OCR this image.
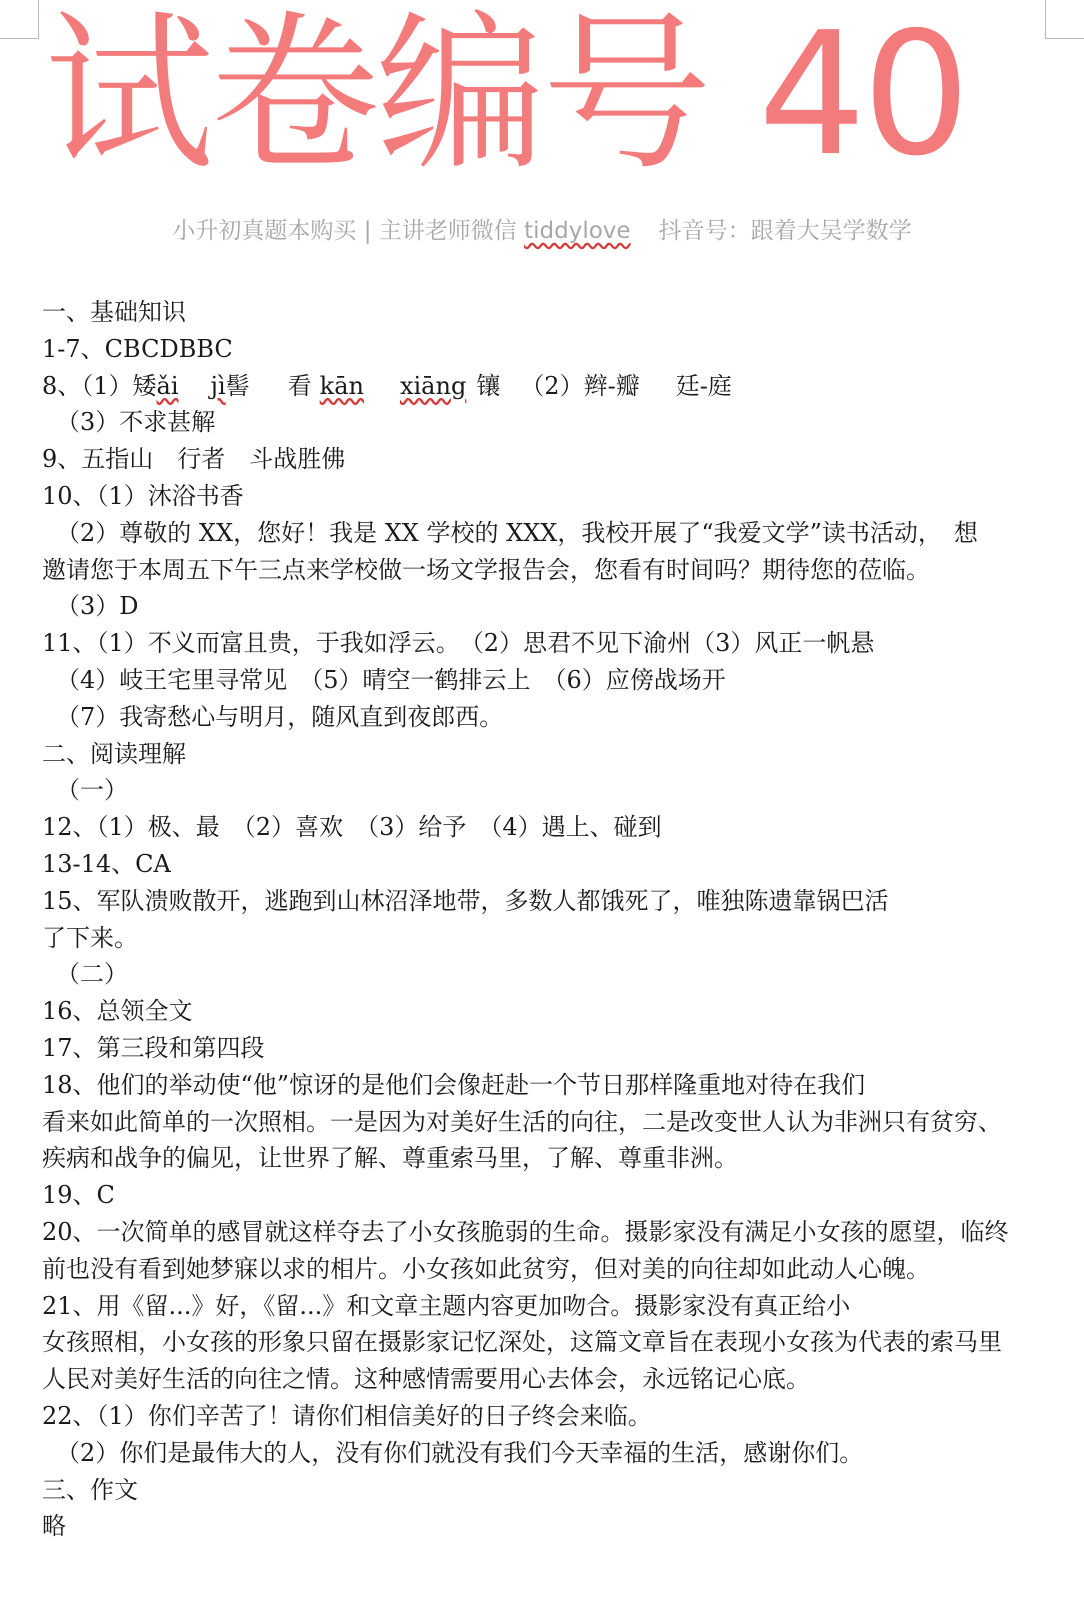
试卷编号 40
小升初真题本购买 | 主讲老师微信 tiddylove 抖音号：跟着大吴学数学
一、基础知识
1-7、CBCDBBC
8、（1）矮ǎi jì髻 看 kān xiāng 镶 （2）辫-瓣 廷-庭
（3）不求甚解
9、五指山　行者　斗战胜佛
10、（1）沐浴书香
（2）尊敬的 XX，您好！我是 XX 学校的 XXX，我校开展了“我爱文学”读书活动，　想
邀请您于本周五下午三点来学校做一场文学报告会，您看有时间吗？期待您的莅临。
（3）D
11、（1）不义而富且贵，于我如浮云。　（2）思君不见下渝州（3）风正一帆悬
（4）岐王宅里寻常见　（5）晴空一鹤排云上　（6）应傍战场开
（7）我寄愁心与明月，随风直到夜郎西。
二、阅读理解
（一）
12、（1）极、最　（2）喜欢　（3）给予　（4）遇上、碰到
13-14、CA
15、军队溃败散开，逃跑到山林沼泽地带，多数人都饿死了，唯独陈遗靠锅巴活
了下来。
（二）
16、总领全文
17、第三段和第四段
18、他们的举动使“他”惊讶的是他们会像赶赴一个节日那样隆重地对待在我们
看来如此简单的一次照相。一是因为对美好生活的向往，二是改变世人认为非洲只有贫穷、
疾病和战争的偏见，让世界了解、尊重索马里，了解、尊重非洲。
19、C
20、一次简单的感冒就这样夺去了小女孩脆弱的生命。摄影家没有满足小女孩的愿望，临终
前也没有看到她梦寐以求的相片。小女孩如此贫穷，但对美的向往却如此动人心魄。
21、用《留...》好，《留...》和文章主题内容更加吻合。摄影家没有真正给小
女孩照相，小女孩的形象只留在摄影家记忆深处，这篇文章旨在表现小女孩为代表的索马里
人民对美好生活的向往之情。这种感情需要用心去体会，永远铭记心底。
22、（1）你们辛苦了！请你们相信美好的日子终会来临。
（2）你们是最伟大的人，没有你们就没有我们今天幸福的生活，感谢你们。
三、作文
略
